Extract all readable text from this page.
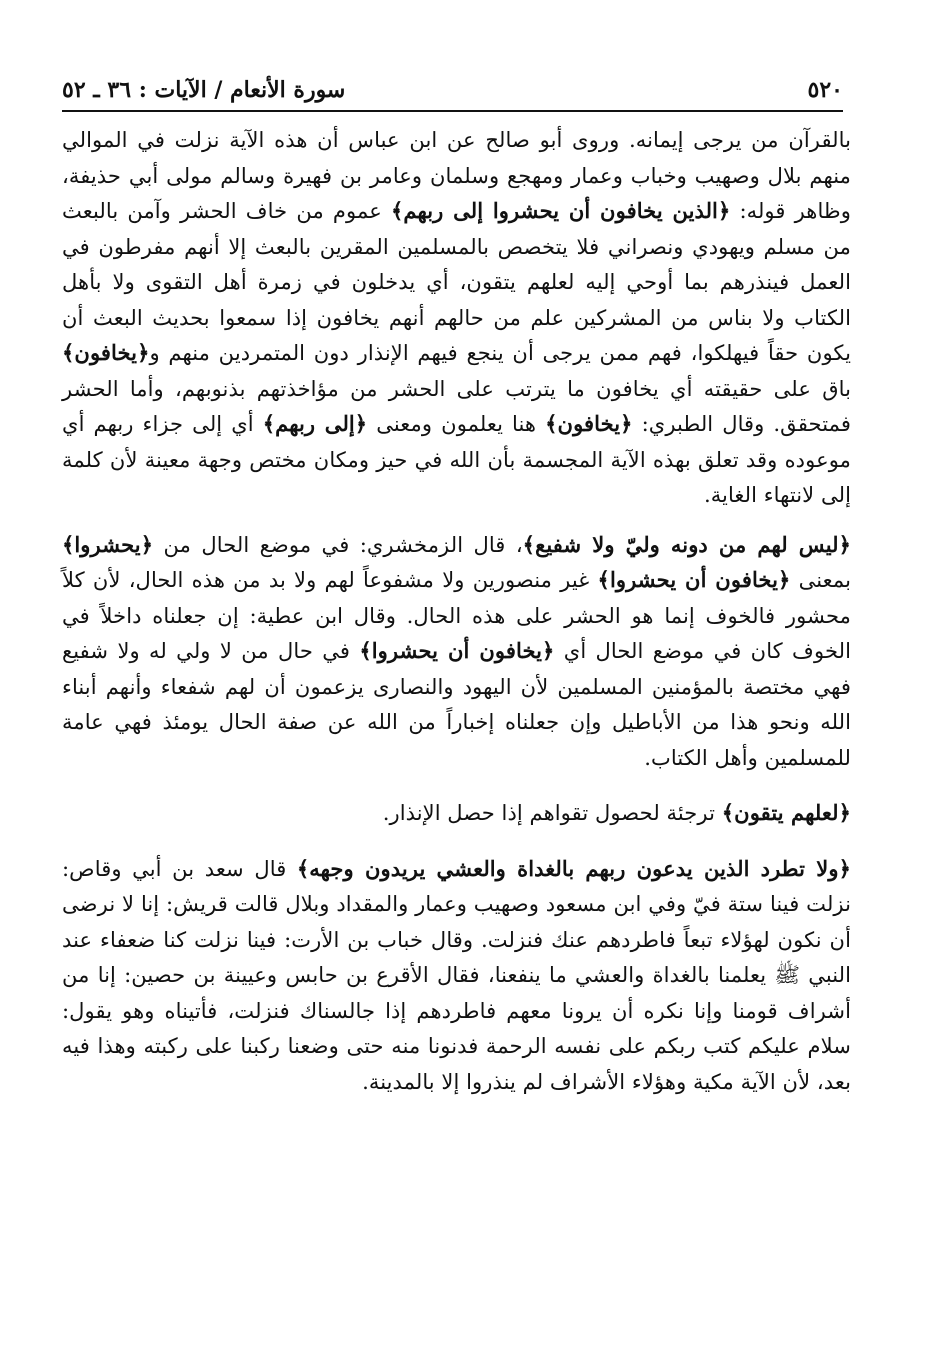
٥٢٠
سورة الأنعام / الآيات : ٣٦ ـ ٥٢

بالقرآن من يرجى إيمانه. وروى أبو صالح عن ابن عباس أن هذه الآية نزلت في الموالي منهم بلال وصهيب وخباب وعمار ومهجع وسلمان وعامر بن فهيرة وسالم مولى أبي حذيفة، وظاهر قوله: ﴿الذين يخافون أن يحشروا إلى ربهم﴾ عموم من خاف الحشر وآمن بالبعث من مسلم ويهودي ونصراني فلا يتخصص بالمسلمين المقرين بالبعث إلا أنهم مفرطون في العمل فينذرهم بما أوحي إليه لعلهم يتقون، أي يدخلون في زمرة أهل التقوى ولا بأهل الكتاب ولا بناس من المشركين علم من حالهم أنهم يخافون إذا سمعوا بحديث البعث أن يكون حقاً فيهلكوا، فهم ممن يرجى أن ينجع فيهم الإنذار دون المتمردين منهم و﴿يخافون﴾ باق على حقيقته أي يخافون ما يترتب على الحشر من مؤاخذتهم بذنوبهم، وأما الحشر فمتحقق. وقال الطبري: ﴿يخافون﴾ هنا يعلمون ومعنى ﴿إلى ربهم﴾ أي إلى جزاء ربهم أي موعوده وقد تعلق بهذه الآية المجسمة بأن الله في حيز ومكان مختص وجهة معينة لأن كلمة إلى لانتهاء الغاية.

﴿ليس لهم من دونه وليّ ولا شفيع﴾، قال الزمخشري: في موضع الحال من ﴿يحشروا﴾ بمعنى ﴿يخافون أن يحشروا﴾ غير منصورين ولا مشفوعاً لهم ولا بد من هذه الحال، لأن كلاً محشور فالخوف إنما هو الحشر على هذه الحال. وقال ابن عطية: إن جعلناه داخلاً في الخوف كان في موضع الحال أي ﴿يخافون أن يحشروا﴾ في حال من لا ولي له ولا شفيع فهي مختصة بالمؤمنين المسلمين لأن اليهود والنصارى يزعمون أن لهم شفعاء وأنهم أبناء الله ونحو هذا من الأباطيل وإن جعلناه إخباراً من الله عن صفة الحال يومئذ فهي عامة للمسلمين وأهل الكتاب.

﴿لعلهم يتقون﴾ ترجئة لحصول تقواهم إذا حصل الإنذار.

﴿ولا تطرد الذين يدعون ربهم بالغداة والعشي يريدون وجهه﴾ قال سعد بن أبي وقاص: نزلت فينا ستة فيّ وفي ابن مسعود وصهيب وعمار والمقداد وبلال قالت قريش: إنا لا نرضى أن نكون لهؤلاء تبعاً فاطردهم عنك فنزلت. وقال خباب بن الأرت: فينا نزلت كنا ضعفاء عند النبي ﷺ يعلمنا بالغداة والعشي ما ينفعنا، فقال الأقرع بن حابس وعيينة بن حصين: إنا من أشراف قومنا وإنا نكره أن يرونا معهم فاطردهم إذا جالسناك فنزلت، فأتيناه وهو يقول: سلام عليكم كتب ربكم على نفسه الرحمة فدنونا منه حتى وضعنا ركبنا على ركبته وهذا فيه بعد، لأن الآية مكية وهؤلاء الأشراف لم ينذروا إلا بالمدينة.
